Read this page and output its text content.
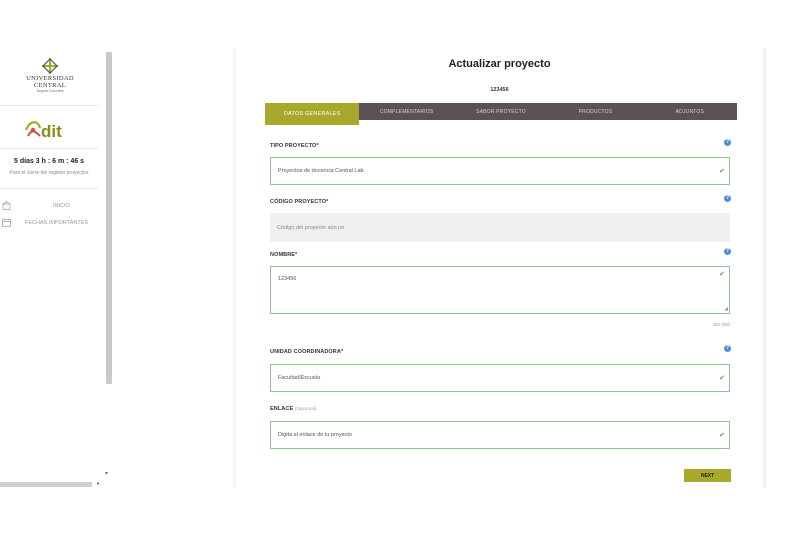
UNIVERSIDAD
CENTRAL
Bogotá Colombia
dit
5 días 3 h : 6 m : 46 s
Para el cierre del registro proyectos
INICIO
FECHAS IMPORTANTES
▾
▸
Actualizar proyecto
123456
DATOS GENERALES	COMPLEMENTARIOS	SABOR PROYECTO	PRODUCTOS	ADJUNTOS
TIPO PROYECTO*
?
Proyectos de docencia Central Lab	✔
CÓDIGO PROYECTO*
?
Código del proyecto aún no
NOMBRE*
?
123456
✔
◢
494 /500
UNIDAD COORDINADORA*
?
Facultad/Escuela	✔
ENLACE (Opcional)
Digita el enlace de tu proyecto	✔
NEXT
